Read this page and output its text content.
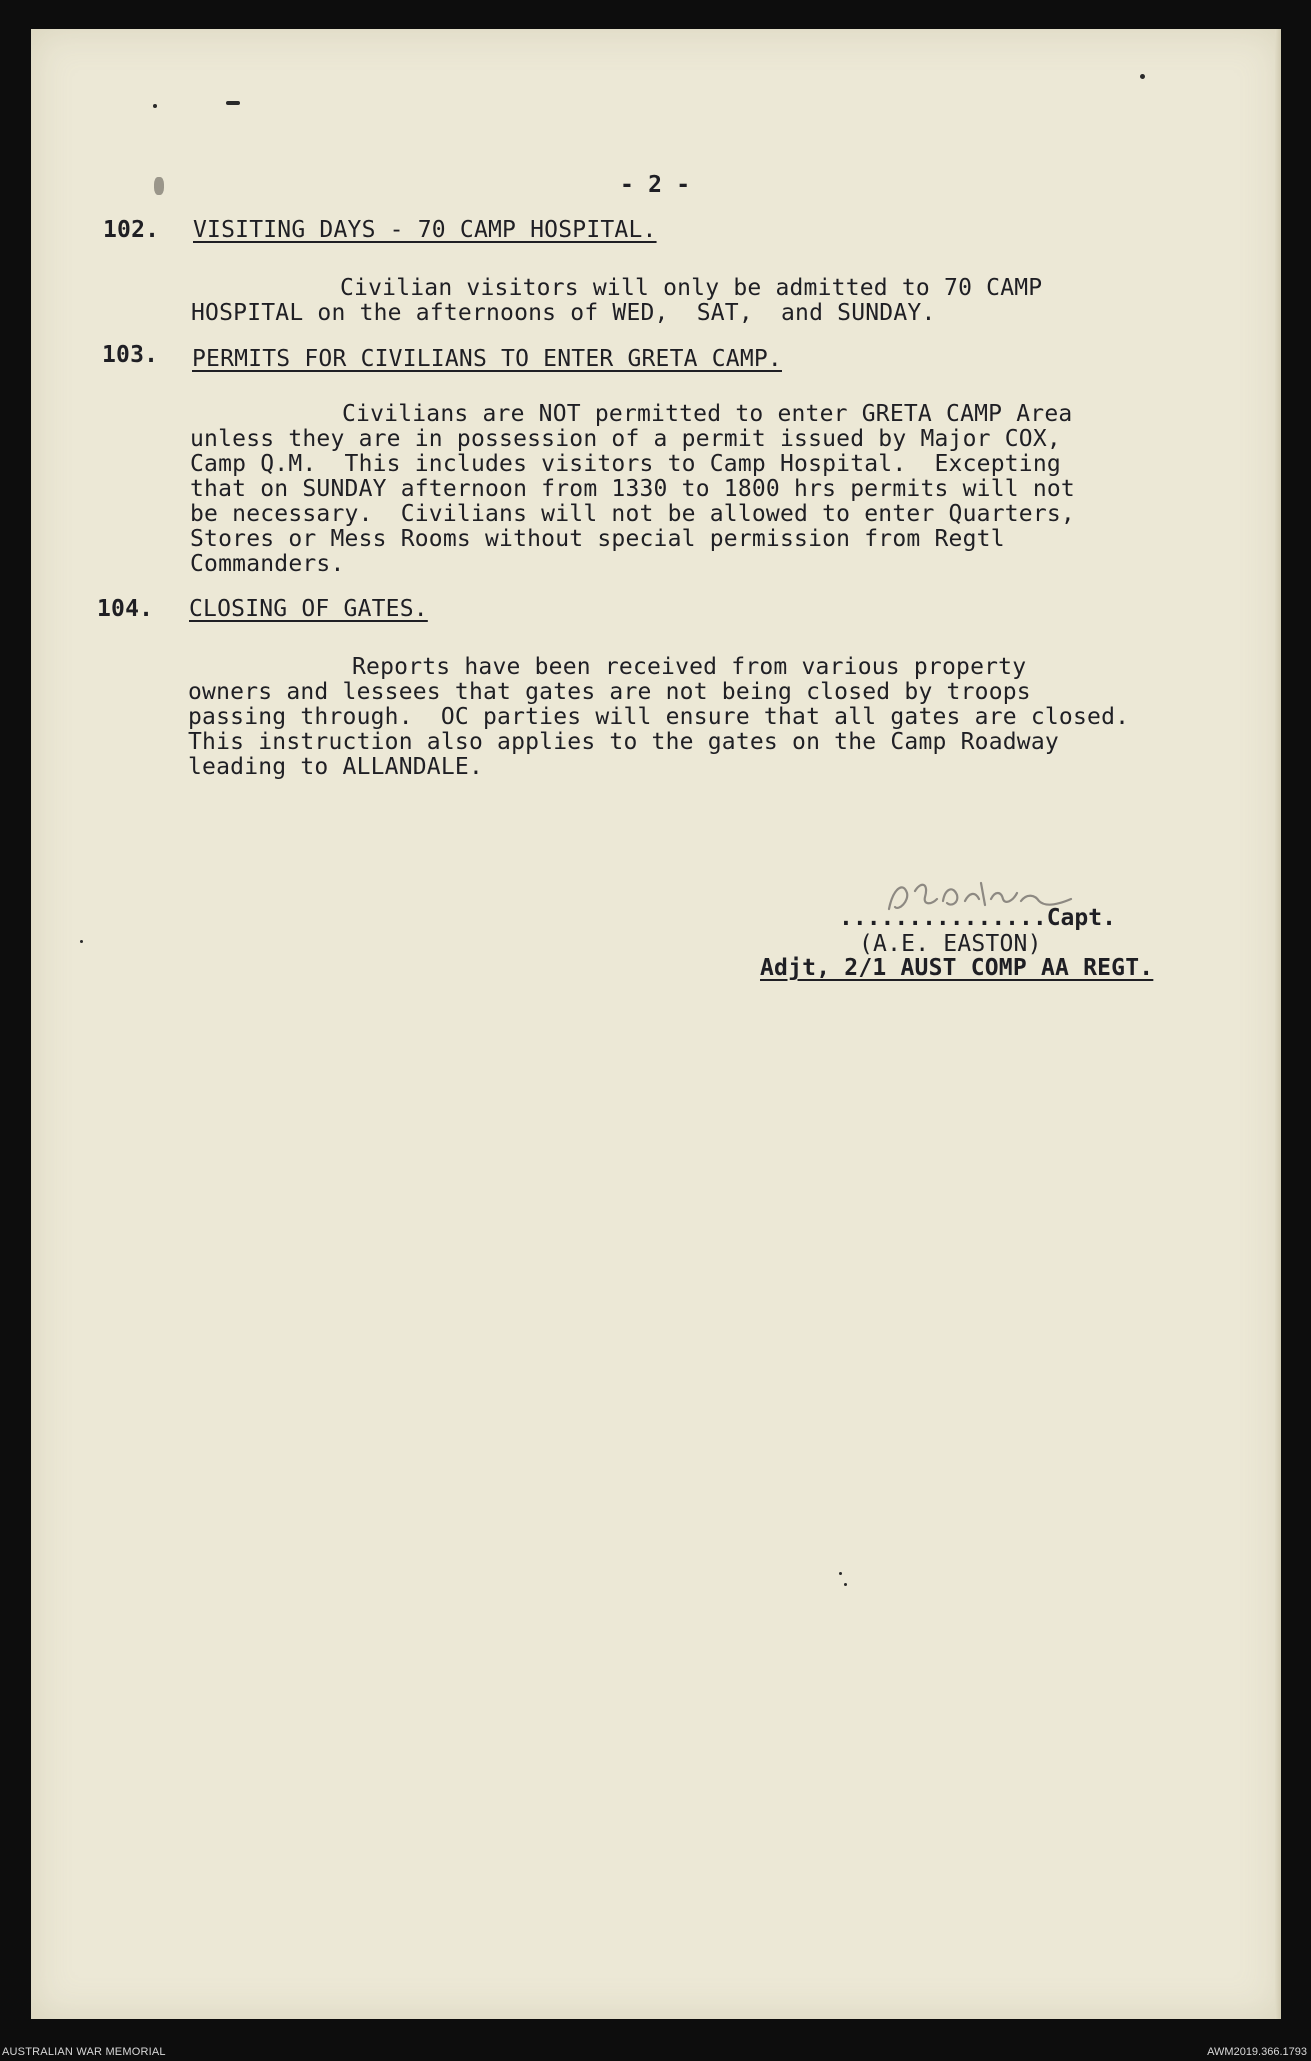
- 2 -
102. VISITING DAYS - 70 CAMP HOSPITAL.
Civilian visitors will only be admitted to 70 CAMP
HOSPITAL on the afternoons of WED,  SAT,  and SUNDAY.
103. PERMITS FOR CIVILIANS TO ENTER GRETA CAMP.
Civilians are NOT permitted to enter GRETA CAMP Area
unless they are in possession of a permit issued by Major COX,
Camp Q.M.  This includes visitors to Camp Hospital.  Excepting
that on SUNDAY afternoon from 1330 to 1800 hrs permits will not
be necessary.  Civilians will not be allowed to enter Quarters,
Stores or Mess Rooms without special permission from Regtl
Commanders.
104. CLOSING OF GATES.
Reports have been received from various property
owners and lessees that gates are not being closed by troops
passing through.  OC parties will ensure that all gates are closed.
This instruction also applies to the gates on the Camp Roadway
leading to ALLANDALE.
...............Capt.
(A.E. EASTON)
Adjt, 2/1 AUST COMP AA REGT.
AUSTRALIAN WAR MEMORIAL	AWM2019.366.1793
